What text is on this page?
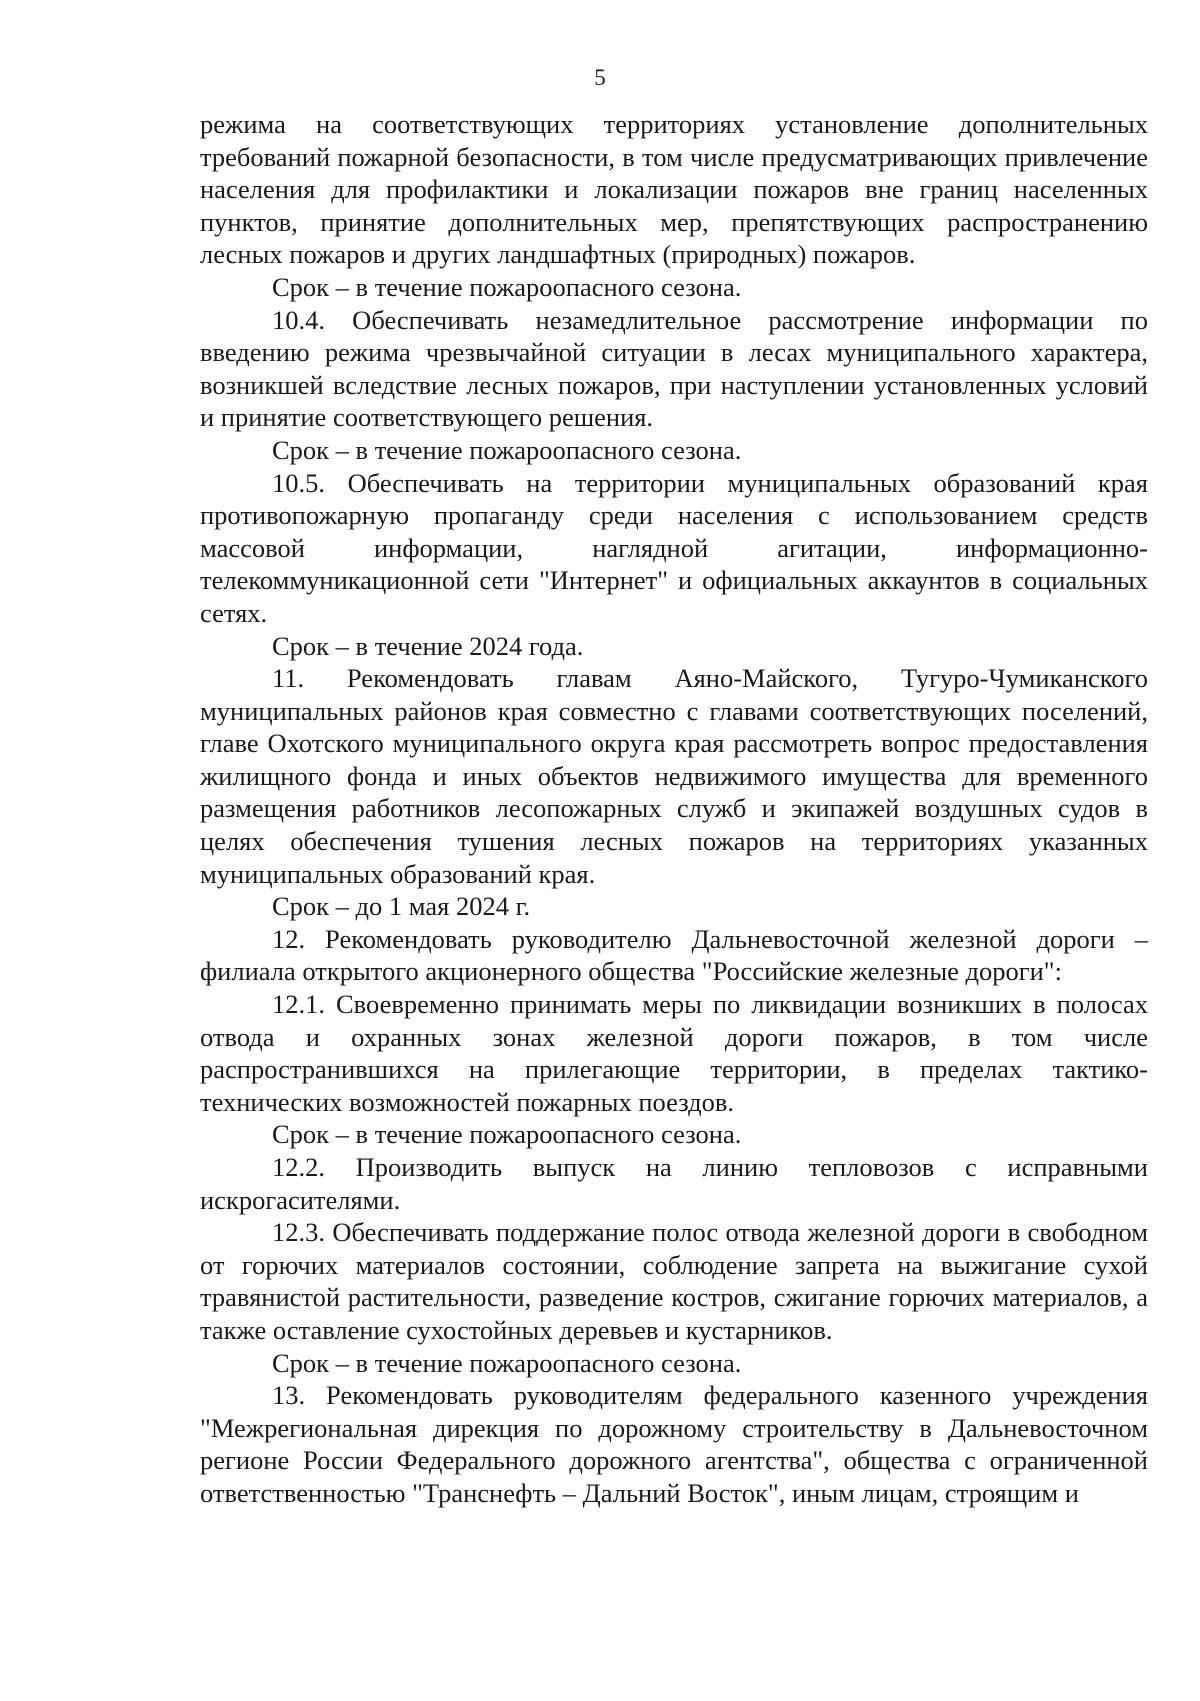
5

режима на соответствующих территориях установление дополнительных требований пожарной безопасности, в том числе предусматривающих привлечение населения для профилактики и локализации пожаров вне границ населенных пунктов, принятие дополнительных мер, препятствующих распространению лесных пожаров и других ландшафтных (природных) пожаров.

Срок – в течение пожароопасного сезона.

10.4. Обеспечивать незамедлительное рассмотрение информации по введению режима чрезвычайной ситуации в лесах муниципального характера, возникшей вследствие лесных пожаров, при наступлении установленных условий и принятие соответствующего решения.

Срок – в течение пожароопасного сезона.

10.5. Обеспечивать на территории муниципальных образований края противопожарную пропаганду среди населения с использованием средств массовой информации, наглядной агитации, информационно-телекоммуникационной сети "Интернет" и официальных аккаунтов в социальных сетях.

Срок – в течение 2024 года.

11. Рекомендовать главам Аяно-Майского, Тугуро-Чумиканского муниципальных районов края совместно с главами соответствующих поселений, главе Охотского муниципального округа края рассмотреть вопрос предоставления жилищного фонда и иных объектов недвижимого имущества для временного размещения работников лесопожарных служб и экипажей воздушных судов в целях обеспечения тушения лесных пожаров на территориях указанных муниципальных образований края.

Срок – до 1 мая 2024 г.

12. Рекомендовать руководителю Дальневосточной железной дороги – филиала открытого акционерного общества "Российские железные дороги":

12.1. Своевременно принимать меры по ликвидации возникших в полосах отвода и охранных зонах железной дороги пожаров, в том числе распространившихся на прилегающие территории, в пределах тактико-технических возможностей пожарных поездов.

Срок – в течение пожароопасного сезона.

12.2. Производить выпуск на линию тепловозов с исправными искрогасителями.

12.3. Обеспечивать поддержание полос отвода железной дороги в свободном от горючих материалов состоянии, соблюдение запрета на выжигание сухой травянистой растительности, разведение костров, сжигание горючих материалов, а также оставление сухостойных деревьев и кустарников.

Срок – в течение пожароопасного сезона.

13. Рекомендовать руководителям федерального казенного учреждения "Межрегиональная дирекция по дорожному строительству в Дальневосточном регионе России Федерального дорожного агентства", общества с ограниченной ответственностью "Транснефть – Дальний Восток", иным лицам, строящим и
